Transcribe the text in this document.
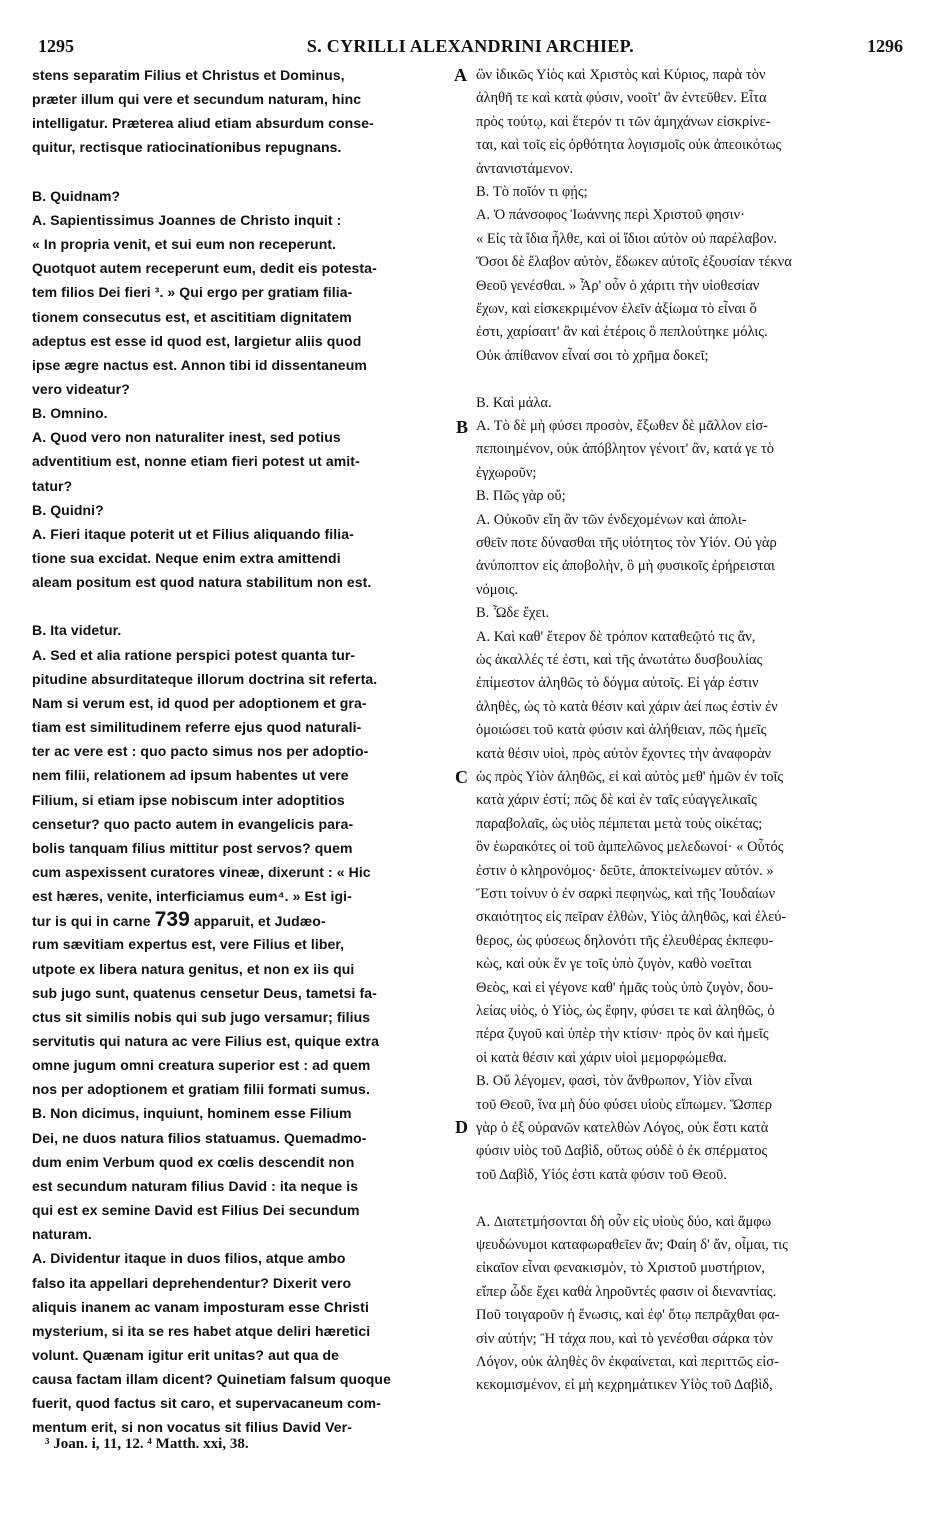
1295	S. CYRILLI ALEXANDRINI ARCHIEP.	1296
stens separatim Filius et Christus et Dominus,
præter illum qui vere et secundum naturam, hinc
intelligatur. Præterea aliud etiam absurdum conse-
quitur, rectisque ratiocinationibus repugnans.
B. Quidnam?
A. Sapientissimus Joannes de Christo inquit :
« In propria venit, et sui eum non receperunt.
Quotquot autem receperunt eum, dedit eis potesta-
tem filios Dei fieri ³. » Qui ergo per gratiam filia-
tionem consecutus est, et ascititiam dignitatem
adeptus est esse id quod est, largietur aliis quod
ipse ægre nactus est. Annon tibi id dissentaneum
vero videatur?
B. Omnino.
A. Quod vero non naturaliter inest, sed potius
adventitium est, nonne etiam fieri potest ut amit-
tatur?
B. Quidni?
A. Fieri itaque poterit ut et Filius aliquando filia-
tione sua excidat. Neque enim extra amittendi
aleam positum est quod natura stabilitum non est.
B. Ita videtur.
A. Sed et alia ratione perspici potest quanta tur-
pitudine absurditateque illorum doctrina sit referta.
Nam si verum est, id quod per adoptionem et gra-
tiam est similitudinem referre ejus quod naturali-
ter ac vere est : quo pacto simus nos per adoptio-
nem filii, relationem ad ipsum habentes ut vere
Filium, si etiam ipse nobiscum inter adoptitios
censetur? quo pacto autem in evangelicis para-
bolis tanquam filius mittitur post servos? quem
cum aspexissent curatores vineæ, dixerunt : « Hic
est hæres, venite, interficiamus eum⁴. » Est igi-
tur is qui in carne 739 apparuit, et Judæo-
rum sævitiam expertus est, vere Filius et liber,
utpote ex libera natura genitus, et non ex iis qui
sub jugo sunt, quatenus censetur Deus, tametsi fa-
ctus sit similis nobis qui sub jugo versamur; filius
servitutis qui natura ac vere Filius est, quique extra
omne jugum omni creatura superior est : ad quem
nos per adoptionem et gratiam filii formati sumus.
B. Non dicimus, inquiunt, hominem esse Filium
Dei, ne duos natura filios statuamus. Quemadmo-
dum enim Verbum quod ex cœlis descendit non
est secundum naturam filius David : ita neque is
qui est ex semine David est Filius Dei secundum
naturam.
A. Dividentur itaque in duos filios, atque ambo
falso ita appellari deprehendentur? Dixerit vero
aliquis inanem ac vanam imposturam esse Christi
mysterium, si ita se res habet atque deliri hæretici
volunt. Quænam igitur erit unitas? aut qua de
causa factam illam dicent? Quinetiam falsum quoque
fuerit, quod factus sit caro, et supervacaneum com-
mentum erit, si non vocatus sit filius David Ver-
ὢν ἰδικῶς Υἱὸς καὶ Χριστὸς καὶ Κύριος, παρὰ τὸν
ἀληθῆ τε καὶ κατὰ φύσιν, νοοῖτ' ἂν ἐντεῦθεν. Εἶτα
πρὸς τούτῳ, καὶ ἕτερόν τι τῶν ἀμηχάνων εἰσκρίνε-
ται, καὶ τοῖς εἰς ὀρθότητα λογισμοῖς οὐκ ἀπεοικότως
ἀντανιστάμενον.
B. Τὸ ποῖόν τι φῄς;
A. Ὁ πάνσοφος Ἰωάννης περὶ Χριστοῦ φησιν·
« Εἰς τὰ ἴδια ἦλθε, καὶ οἱ ἴδιοι αὐτὸν οὐ παρέλαβον.
Ὅσοι δὲ ἔλαβον αὐτὸν, ἔδωκεν αὐτοῖς ἐξουσίαν τέκνα
Θεοῦ γενέσθαι. » Ἆρ' οὖν ὁ χάριτι τὴν υἱοθεσίαν
ἔχων, καὶ εἰσκεκριμένον ἑλεῖν ἀξίωμα τὸ εἶναι ὅ
ἐστι, χαρίσαιτ' ἂν καὶ ἑτέροις ὃ πεπλούτηκε μόλις.
Οὐκ ἀπίθανον εἶναί σοι τὸ χρῆμα δοκεῖ;
B. Καὶ μάλα.
A. Τὸ δὲ μὴ φύσει προσὸν, ἔξωθεν δὲ μᾶλλον εἰσ-
πεποιημένον, οὐκ ἀπόβλητον γένοιτ' ἂν, κατά γε τὸ
ἐγχωροῦν;
B. Πῶς γὰρ οὔ;
A. Οὐκοῦν εἴη ἂν τῶν ἐνδεχομένων καὶ ἀπολι-
σθεῖν ποτε δύνασθαι τῆς υἱότητος τὸν Υἱόν. Οὐ γὰρ
ἀνύποπτον εἰς ἀποβολὴν, ὃ μὴ φυσικοῖς ἐρήρεισται
νόμοις.
B. Ὧδε ἔχει.
A. Καὶ καθ' ἕτερον δὲ τρόπον καταθεῷτό τις ἄν,
ὡς ἀκαλλές τέ ἐστι, καὶ τῆς ἀνωτάτω δυσβουλίας
ἐπίμεστον ἀληθῶς τὸ δόγμα αὐτοῖς. Εἰ γάρ ἐστιν
ἀληθὲς, ὡς τὸ κατὰ θέσιν καὶ χάριν ἀεί πως ἐστὶν ἐν
ὁμοιώσει τοῦ κατὰ φύσιν καὶ ἀλήθειαν, πῶς ἡμεῖς
κατὰ θέσιν υἱοὶ, πρὸς αὐτὸν ἔχοντες τὴν ἀναφορὰν
ὡς πρὸς Υἱὸν ἀληθῶς, εἰ καὶ αὐτὸς μεθ' ἡμῶν ἐν τοῖς
κατὰ χάριν ἐστί; πῶς δὲ καὶ ἐν ταῖς εὐαγγελικαῖς
παραβολαῖς, ὡς υἱὸς πέμπεται μετὰ τοὺς οἰκέτας;
ὃν ἑωρακότες οἱ τοῦ ἀμπελῶνος μελεδωνοί· « Οὗτός
ἐστιν ὁ κληρονόμος· δεῦτε, ἀποκτείνωμεν αὐτόν. »
Ἔστι τοίνυν ὁ ἐν σαρκὶ πεφηνὼς, καὶ τῆς Ἰουδαίων
σκαιότητος εἰς πεῖραν ἐλθὼν, Υἱὸς ἀληθῶς, καὶ ἐλεύ-
θερος, ὡς φύσεως δηλονότι τῆς ἐλευθέρας ἐκπεφυ-
κὼς, καὶ οὐκ ἕν γε τοῖς ὑπὸ ζυγὸν, καθὸ νοεῖται
Θεὸς, καὶ εἰ γέγονε καθ' ἡμᾶς τοὺς ὑπὸ ζυγὸν, δου-
λείας υἱὸς, ὁ Υἱὸς, ὡς ἔφην, φύσει τε καὶ ἀληθῶς, ὁ
πέρα ζυγοῦ καὶ ὑπὲρ τὴν κτίσιν· πρὸς ὃν καὶ ἡμεῖς
οἱ κατὰ θέσιν καὶ χάριν υἱοὶ μεμορφώμεθα.
B. Οὔ λέγομεν, φασὶ, τὸν ἄνθρωπον, Υἱὸν εἶναι
τοῦ Θεοῦ, ἵνα μὴ δύο φύσει υἱοὺς εἴπωμεν. Ὥσπερ
γὰρ ὁ ἐξ οὐρανῶν κατελθὼν Λόγος, οὐκ ἔστι κατὰ
φύσιν υἱὸς τοῦ Δαβὶδ, οὕτως οὐδὲ ὁ ἐκ σπέρματος
τοῦ Δαβὶδ, Υἱός ἐστι κατὰ φύσιν τοῦ Θεοῦ.
A. Διατετμήσονται δὴ οὖν εἰς υἱοὺς δύο, καὶ ἄμφω
ψευδώνυμοι καταφωραθεῖεν ἄν; Φαίη δ' ἄν, οἶμαι, τις
εἰκαῖον εἶναι φενακισμὸν, τὸ Χριστοῦ μυστήριον,
εἴπερ ὧδε ἔχει καθὰ ληροῦντές φασιν οἱ διεναντίας.
Ποῦ τοιγαροῦν ἡ ἕνωσις, καὶ ἐφ' ὅτῳ πεπρᾶχθαι φα-
σὶν αὐτήν; Ἢ τάχα που, καὶ τὸ γενέσθαι σάρκα τὸν
Λόγον, οὐκ ἀληθὲς ὂν ἐκφαίνεται, καὶ περιττῶς εἰσ-
κεκομισμένον, εἰ μὴ κεχρημάτικεν Υἱὸς τοῦ Δαβὶδ,
A
B
C
D
³ Joan. i, 11, 12. ⁴ Matth. xxi, 38.
